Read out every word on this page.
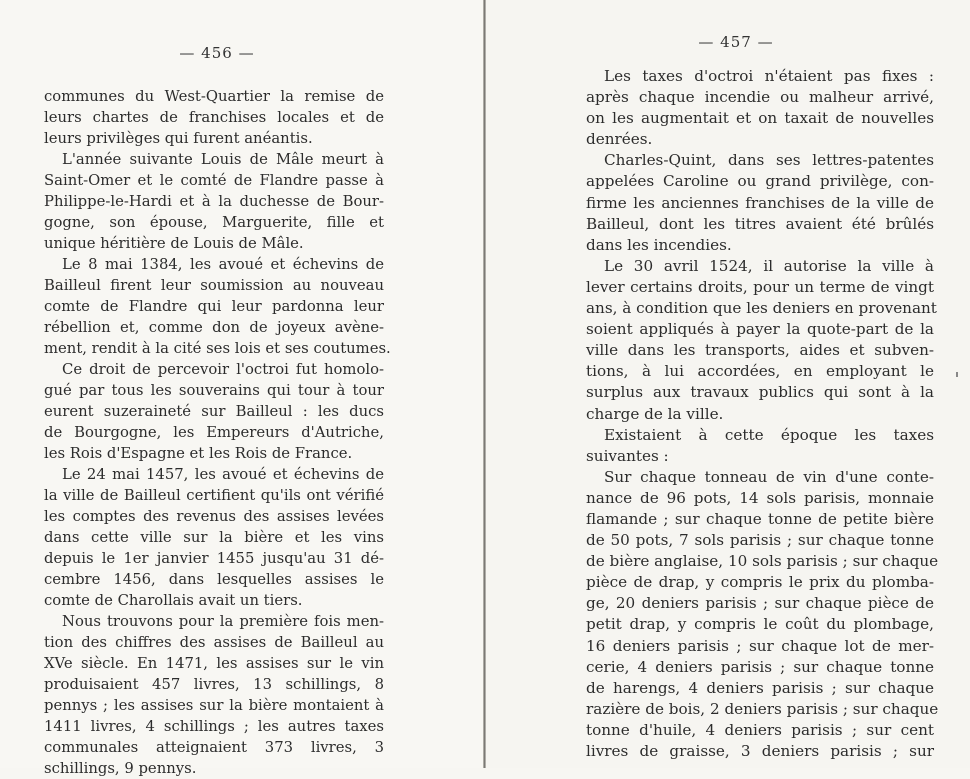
— 456 —
communes du West-Quartier la remise de
leurs chartes de franchises locales et de
leurs privilèges qui furent anéantis.
L'année suivante Louis de Mâle meurt à
Saint-Omer et le comté de Flandre passe à
Philippe-le-Hardi et à la duchesse de Bour-
gogne, son épouse, Marguerite, fille et
unique héritière de Louis de Mâle.
Le 8 mai 1384, les avoué et échevins de
Bailleul firent leur soumission au nouveau
comte de Flandre qui leur pardonna leur
rébellion et, comme don de joyeux avène-
ment, rendit à la cité ses lois et ses coutumes.
Ce droit de percevoir l'octroi fut homolo-
gué par tous les souverains qui tour à tour
eurent suzeraineté sur Bailleul : les ducs
de Bourgogne, les Empereurs d'Autriche,
les Rois d'Espagne et les Rois de France.
Le 24 mai 1457, les avoué et échevins de
la ville de Bailleul certifient qu'ils ont vérifié
les comptes des revenus des assises levées
dans cette ville sur la bière et les vins
depuis le 1er janvier 1455 jusqu'au 31 dé-
cembre 1456, dans lesquelles assises le
comte de Charollais avait un tiers.
Nous trouvons pour la première fois men-
tion des chiffres des assises de Bailleul au
XVe siècle. En 1471, les assises sur le vin
produisaient 457 livres, 13 schillings, 8
pennys ; les assises sur la bière montaient à
1411 livres, 4 schillings ; les autres taxes
communales atteignaient 373 livres, 3
schillings, 9 pennys.
— 457 —
Les taxes d'octroi n'étaient pas fixes :
après chaque incendie ou malheur arrivé,
on les augmentait et on taxait de nouvelles
denrées.
Charles-Quint, dans ses lettres-patentes
appelées Caroline ou grand privilège, con-
firme les anciennes franchises de la ville de
Bailleul, dont les titres avaient été brûlés
dans les incendies.
Le 30 avril 1524, il autorise la ville à
lever certains droits, pour un terme de vingt
ans, à condition que les deniers en provenant
soient appliqués à payer la quote-part de la
ville dans les transports, aides et subven-
tions, à lui accordées, en employant le
surplus aux travaux publics qui sont à la
charge de la ville.
Existaient à cette époque les taxes
suivantes :
Sur chaque tonneau de vin d'une conte-
nance de 96 pots, 14 sols parisis, monnaie
flamande ; sur chaque tonne de petite bière
de 50 pots, 7 sols parisis ; sur chaque tonne
de bière anglaise, 10 sols parisis ; sur chaque
pièce de drap, y compris le prix du plomba-
ge, 20 deniers parisis ; sur chaque pièce de
petit drap, y compris le coût du plombage,
16 deniers parisis ; sur chaque lot de mer-
cerie, 4 deniers parisis ; sur chaque tonne
de harengs, 4 deniers parisis ; sur chaque
razière de bois, 2 deniers parisis ; sur chaque
tonne d'huile, 4 deniers parisis ; sur cent
livres de graisse, 3 deniers parisis ; sur
